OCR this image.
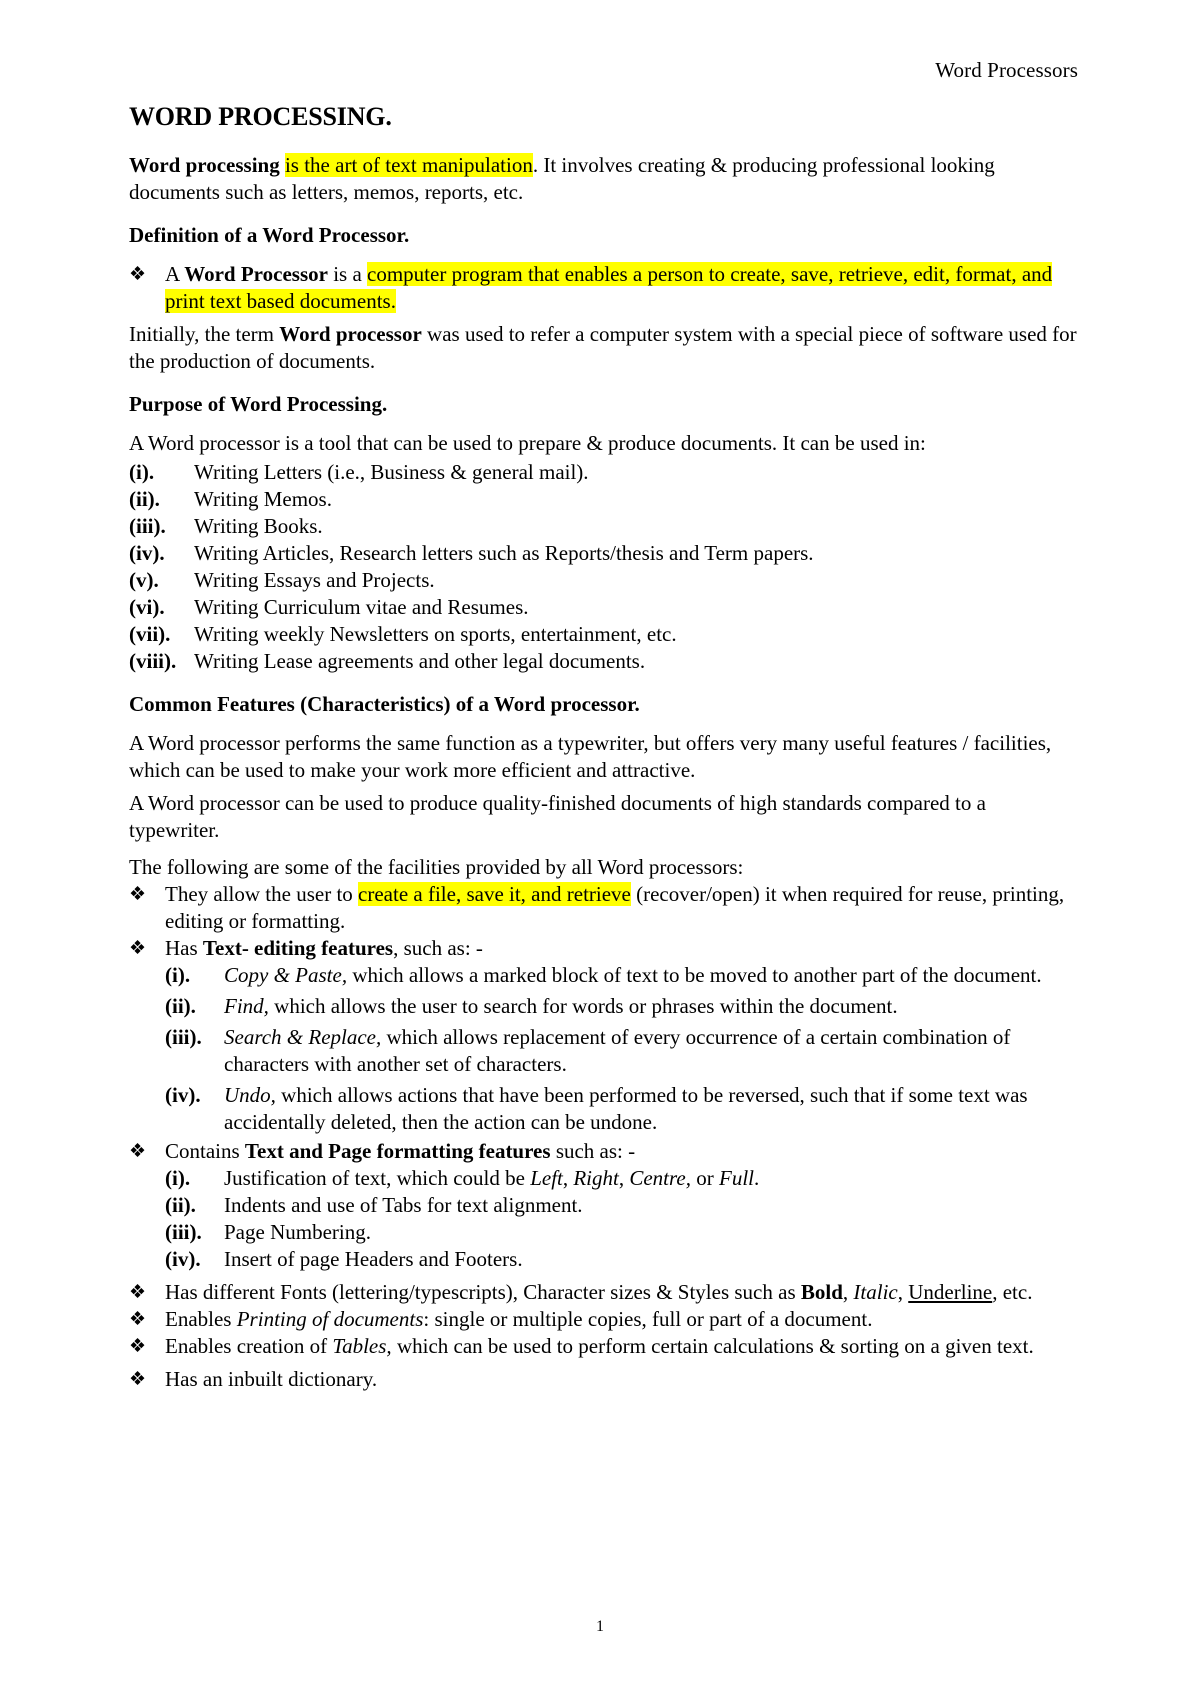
Word Processors
WORD PROCESSING.

Word processing is the art of text manipulation. It involves creating & producing professional looking documents such as letters, memos, reports, etc.

Definition of a Word Processor.
❖ A Word Processor is a computer program that enables a person to create, save, retrieve, edit, format, and print text based documents.

Initially, the term Word processor was used to refer a computer system with a special piece of software used for the production of documents.

Purpose of Word Processing.

A Word processor is a tool that can be used to prepare & produce documents. It can be used in:

(i). Writing Letters (i.e., Business & general mail).
(ii). Writing Memos.
(iii). Writing Books.
(iv). Writing Articles, Research letters such as Reports/thesis and Term papers.
(v). Writing Essays and Projects.
(vi). Writing Curriculum vitae and Resumes.
(vii). Writing weekly Newsletters on sports, entertainment, etc.
(viii). Writing Lease agreements and other legal documents.
Common Features (Characteristics) of a Word processor.

A Word processor performs the same function as a typewriter, but offers very many useful features / facilities, which can be used to make your work more efficient and attractive.

A Word processor can be used to produce quality-finished documents of high standards compared to a typewriter.

The following are some of the facilities provided by all Word processors:

❖ They allow the user to create a file, save it, and retrieve (recover/open) it when required for reuse, printing, editing or formatting.
❖ Has Text- editing features, such as: -
(i). Copy & Paste, which allows a marked block of text to be moved to another part of the document.
(ii). Find, which allows the user to search for words or phrases within the document.
(iii). Search & Replace, which allows replacement of every occurrence of a certain combination of characters with another set of characters.
(iv). Undo, which allows actions that have been performed to be reversed, such that if some text was accidentally deleted, then the action can be undone.
❖ Contains Text and Page formatting features such as: -
(i). Justification of text, which could be Left, Right, Centre, or Full.
(ii). Indents and use of Tabs for text alignment.
(iii). Page Numbering.
(iv). Insert of page Headers and Footers.
❖ Has different Fonts (lettering/typescripts), Character sizes & Styles such as Bold, Italic, Underline, etc.
❖ Enables Printing of documents: single or multiple copies, full or part of a document.
❖ Enables creation of Tables, which can be used to perform certain calculations & sorting on a given text.
❖ Has an inbuilt dictionary.
1
